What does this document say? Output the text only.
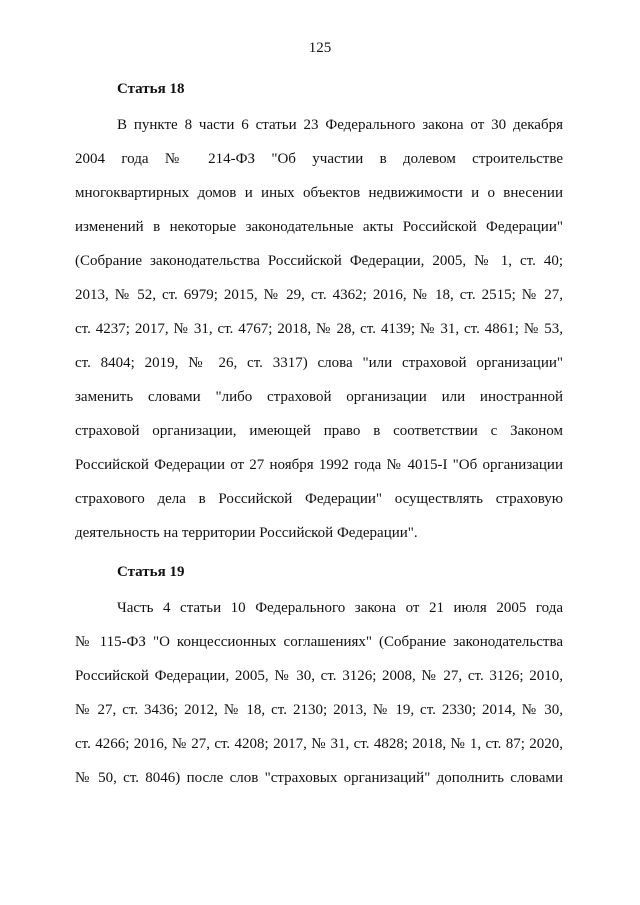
125
Статья 18
В пункте 8 части 6 статьи 23 Федерального закона от 30 декабря
2004 года № 214-ФЗ "Об участии в долевом строительстве
многоквартирных домов и иных объектов недвижимости и о внесении
изменений в некоторые законодательные акты Российской Федерации"
(Собрание законодательства Российской Федерации, 2005, № 1, ст. 40;
2013, № 52, ст. 6979; 2015, № 29, ст. 4362; 2016, № 18, ст. 2515; № 27,
ст. 4237; 2017, № 31, ст. 4767; 2018, № 28, ст. 4139; № 31, ст. 4861; № 53,
ст. 8404; 2019, № 26, ст. 3317) слова "или страховой организации"
заменить словами "либо страховой организации или иностранной
страховой организации, имеющей право в соответствии с Законом
Российской Федерации от 27 ноября 1992 года № 4015-I "Об организации
страхового дела в Российской Федерации" осуществлять страховую
деятельность на территории Российской Федерации".
Статья 19
Часть 4 статьи 10 Федерального закона от 21 июля 2005 года
№ 115-ФЗ "О концессионных соглашениях" (Собрание законодательства
Российской Федерации, 2005, № 30, ст. 3126; 2008, № 27, ст. 3126; 2010,
№ 27, ст. 3436; 2012, № 18, ст. 2130; 2013, № 19, ст. 2330; 2014, № 30,
ст. 4266; 2016, № 27, ст. 4208; 2017, № 31, ст. 4828; 2018, № 1, ст. 87; 2020,
№ 50, ст. 8046) после слов "страховых организаций" дополнить словами
